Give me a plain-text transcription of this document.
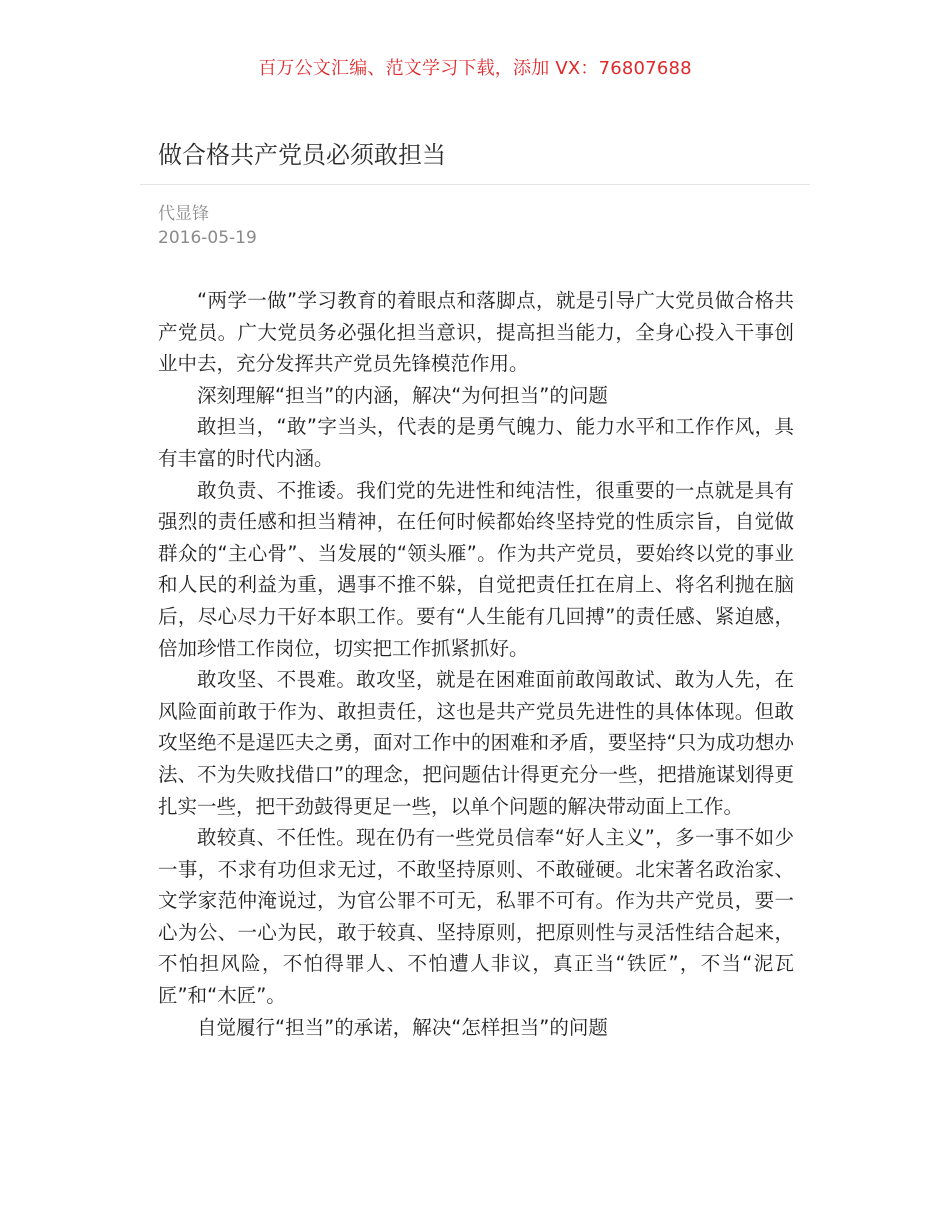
百万公文汇编、范文学习下载，添加 VX：76807688
做合格共产党员必须敢担当
代显锋
2016-05-19

“两学一做”学习教育的着眼点和落脚点，就是引导广大党员做合格共产党员。广大党员务必强化担当意识，提高担当能力，全身心投入干事创业中去，充分发挥共产党员先锋模范作用。

深刻理解“担当”的内涵，解决“为何担当”的问题

敢担当，“敢”字当头，代表的是勇气魄力、能力水平和工作作风，具有丰富的时代内涵。

敢负责、不推诿。我们党的先进性和纯洁性，很重要的一点就是具有强烈的责任感和担当精神，在任何时候都始终坚持党的性质宗旨，自觉做群众的“主心骨”、当发展的“领头雁”。作为共产党员，要始终以党的事业和人民的利益为重，遇事不推不躲，自觉把责任扛在肩上、将名利抛在脑后，尽心尽力干好本职工作。要有“人生能有几回搏”的责任感、紧迫感，倍加珍惜工作岗位，切实把工作抓紧抓好。

敢攻坚、不畏难。敢攻坚，就是在困难面前敢闯敢试、敢为人先，在风险面前敢于作为、敢担责任，这也是共产党员先进性的具体体现。但敢攻坚绝不是逞匹夫之勇，面对工作中的困难和矛盾，要坚持“只为成功想办法、不为失败找借口”的理念，把问题估计得更充分一些，把措施谋划得更扎实一些，把干劲鼓得更足一些，以单个问题的解决带动面上工作。

敢较真、不任性。现在仍有一些党员信奉“好人主义”，多一事不如少一事，不求有功但求无过，不敢坚持原则、不敢碰硬。北宋著名政治家、文学家范仲淹说过，为官公罪不可无，私罪不可有。作为共产党员，要一心为公、一心为民，敢于较真、坚持原则，把原则性与灵活性结合起来，不怕担风险，不怕得罪人、不怕遭人非议，真正当“铁匠”，不当“泥瓦匠”和“木匠”。

自觉履行“担当”的承诺，解决“怎样担当”的问题
